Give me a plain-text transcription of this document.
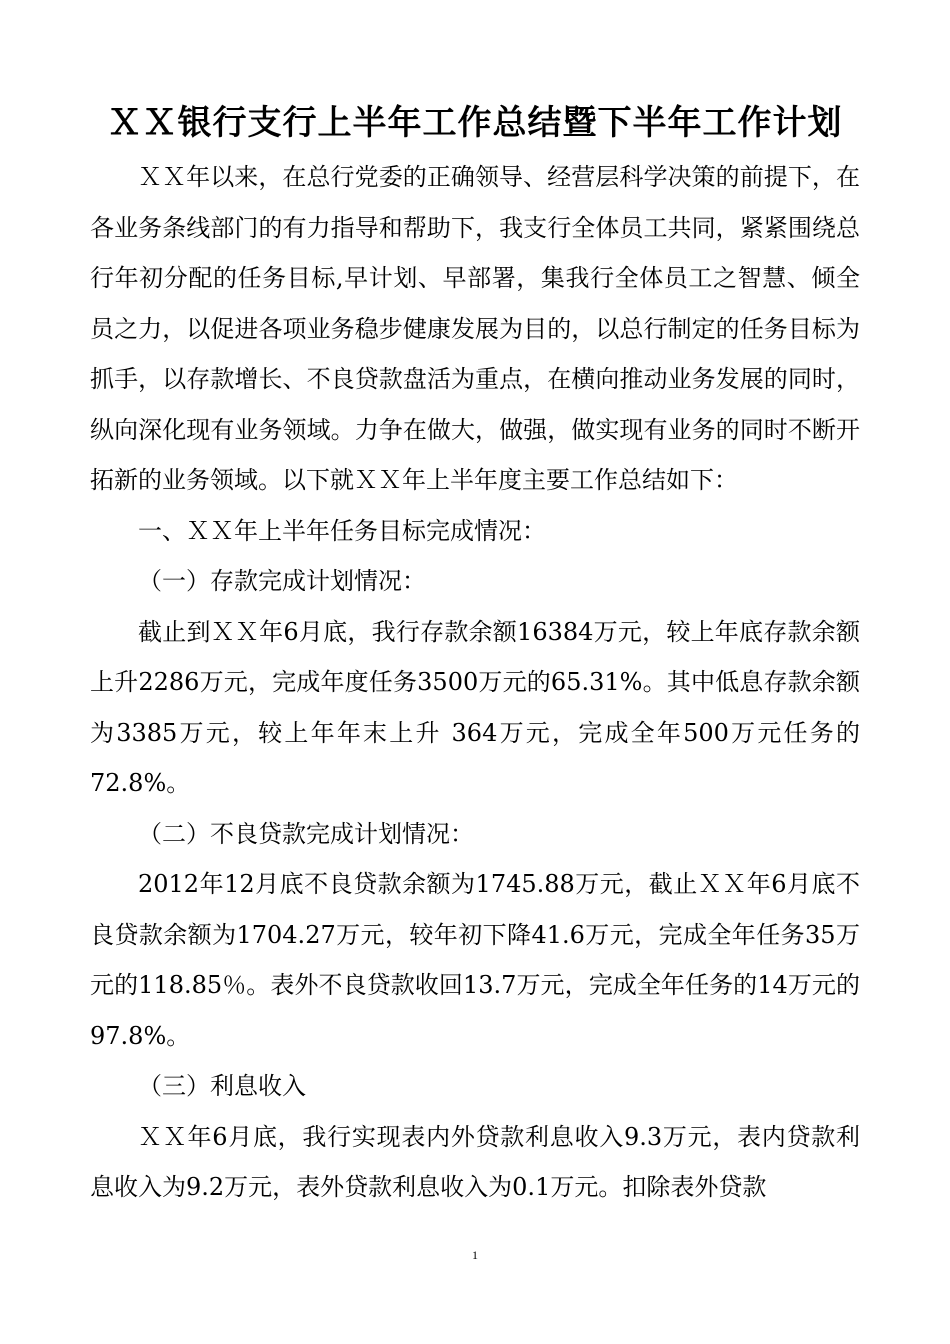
ＸＸ银行支行上半年工作总结暨下半年工作计划

ＸＸ年以来，在总行党委的正确领导、经营层科学决策的前提下，在各业务条线部门的有力指导和帮助下，我支行全体员工共同，紧紧围绕总行年初分配的任务目标,早计划、早部署，集我行全体员工之智慧、倾全员之力，以促进各项业务稳步健康发展为目的，以总行制定的任务目标为抓手，以存款增长、不良贷款盘活为重点，在横向推动业务发展的同时，纵向深化现有业务领域。力争在做大，做强，做实现有业务的同时不断开拓新的业务领域。以下就ＸＸ年上半年度主要工作总结如下：

一、ＸＸ年上半年任务目标完成情况：

（一）存款完成计划情况：

截止到ＸＸ年6月底，我行存款余额16384万元，较上年底存款余额上升2286万元，完成年度任务3500万元的65.31%。其中低息存款余额为3385万元，较上年年末上升 364万元，完成全年500万元任务的72.8%。

（二）不良贷款完成计划情况：

2012年12月底不良贷款余额为1745.88万元，截止ＸＸ年6月底不良贷款余额为1704.27万元，较年初下降41.6万元，完成全年任务35万元的118.85％。表外不良贷款收回13.7万元，完成全年任务的14万元的97.8%。

（三）利息收入

ＸＸ年6月底，我行实现表内外贷款利息收入9.3万元，表内贷款利息收入为9.2万元，表外贷款利息收入为0.1万元。扣除表外贷款

1
